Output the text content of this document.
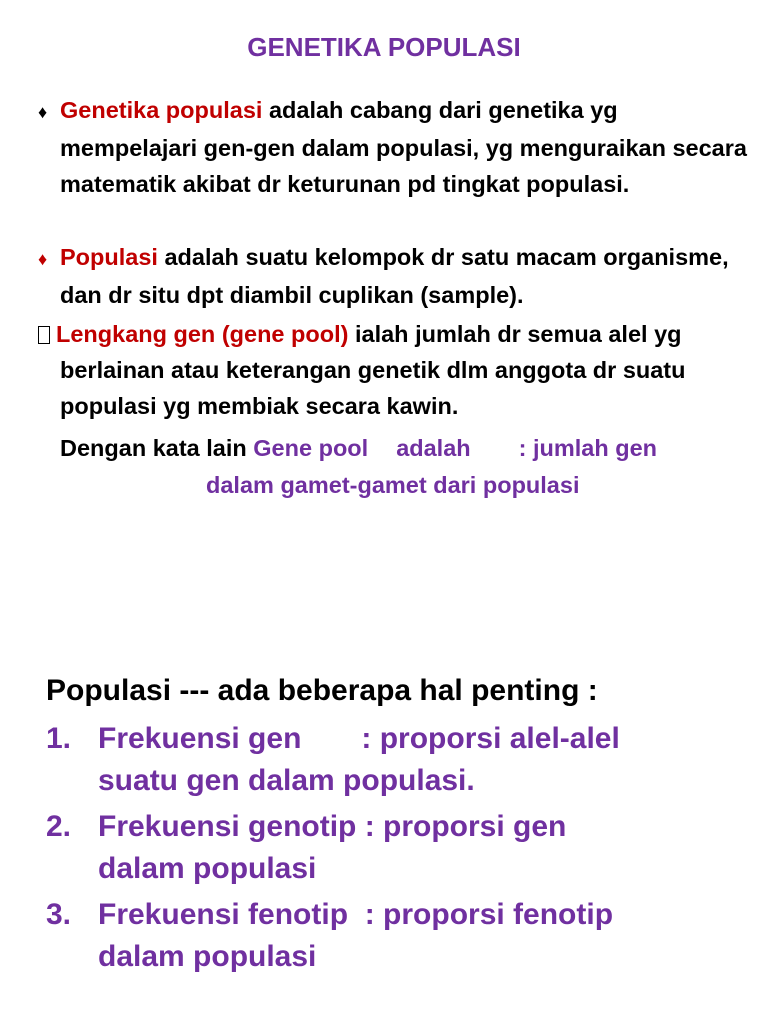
GENETIKA POPULASI
♦ Genetika populasi adalah cabang dari genetika yg mempelajari gen-gen dalam populasi, yg menguraikan secara matematik akibat dr keturunan pd tingkat populasi.
♦ Populasi adalah suatu kelompok dr satu macam organisme, dan dr situ dpt diambil cuplikan (sample).
Lengkang gen (gene pool) ialah jumlah dr semua alel yg berlainan atau keterangan genetik dlm anggota dr suatu populasi yg membiak secara kawin.
Dengan kata lain Gene pool adalah : jumlah gen
dalam gamet-gamet dari populasi
Populasi --- ada beberapa hal penting :
1. Frekuensi gen : proporsi alel-alel
suatu gen dalam populasi.
2. Frekuensi genotip : proporsi gen
dalam populasi
3. Frekuensi fenotip  : proporsi fenotip
dalam populasi
